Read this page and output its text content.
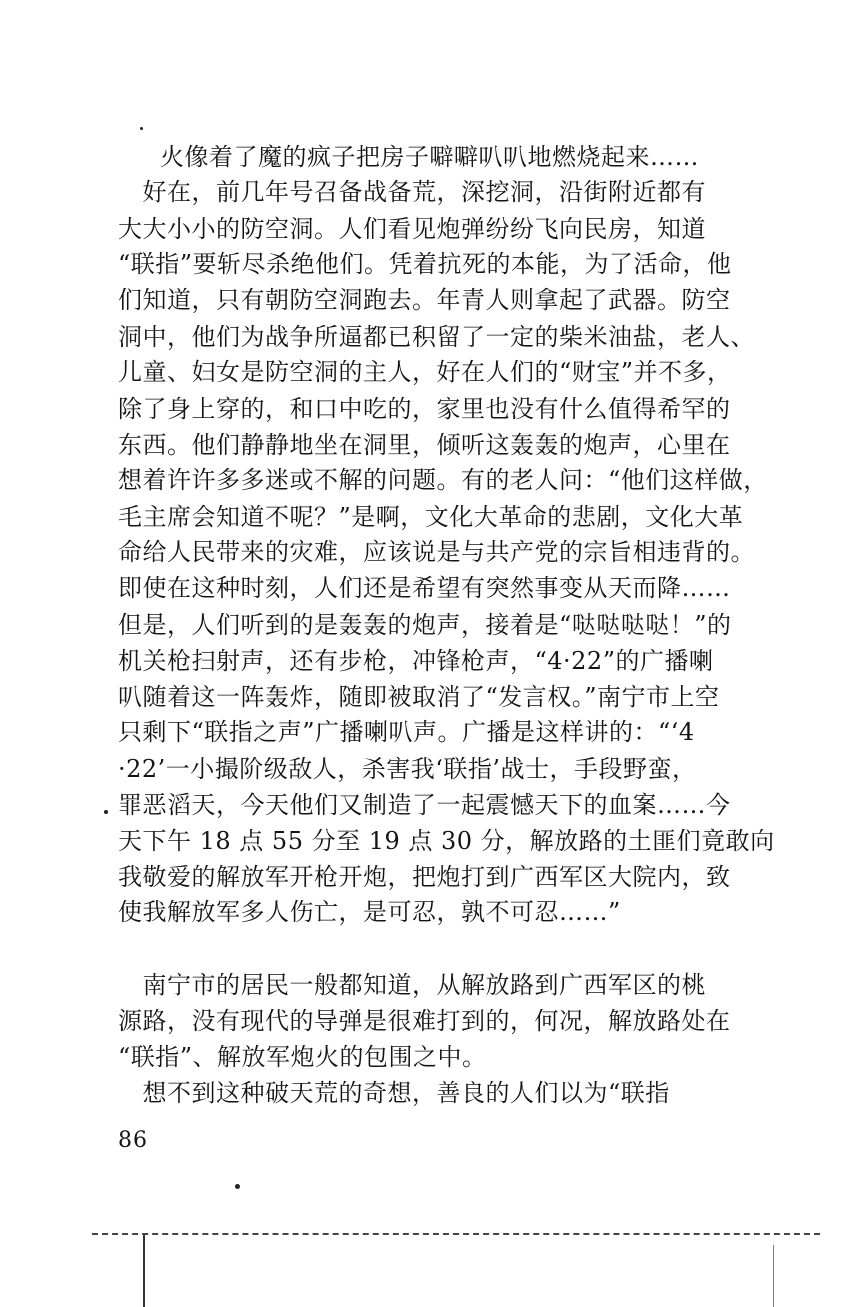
火像着了魔的疯子把房子噼噼叭叭地燃烧起来……
　好在，前几年号召备战备荒，深挖洞，沿街附近都有
大大小小的防空洞。人们看见炮弹纷纷飞向民房，知道
“联指”要斩尽杀绝他们。凭着抗死的本能，为了活命，他
们知道，只有朝防空洞跑去。年青人则拿起了武器。防空
洞中，他们为战争所逼都已积留了一定的柴米油盐，老人、
儿童、妇女是防空洞的主人，好在人们的“财宝”并不多，
除了身上穿的，和口中吃的，家里也没有什么值得希罕的
东西。他们静静地坐在洞里，倾听这轰轰的炮声，心里在
想着许许多多迷或不解的问题。有的老人问：“他们这样做，
毛主席会知道不呢？”是啊，文化大革命的悲剧，文化大革
命给人民带来的灾难，应该说是与共产党的宗旨相违背的。
即使在这种时刻，人们还是希望有突然事变从天而降……
但是，人们听到的是轰轰的炮声，接着是“哒哒哒哒！”的
机关枪扫射声，还有步枪，冲锋枪声，“4·22”的广播喇
叭随着这一阵轰炸，随即被取消了“发言权。”南宁市上空
只剩下“联指之声”广播喇叭声。广播是这样讲的：“‘4
·22’一小撮阶级敌人，杀害我‘联指’战士，手段野蛮，
罪恶滔天，今天他们又制造了一起震憾天下的血案……今
天下午 18 点 55 分至 19 点 30 分，解放路的土匪们竟敢向
我敬爱的解放军开枪开炮，把炮打到广西军区大院内，致
使我解放军多人伤亡，是可忍，孰不可忍……”
　南宁市的居民一般都知道，从解放路到广西军区的桃
源路，没有现代的导弹是很难打到的，何况，解放路处在
“联指”、解放军炮火的包围之中。
　想不到这种破天荒的奇想，善良的人们以为“联指
86
